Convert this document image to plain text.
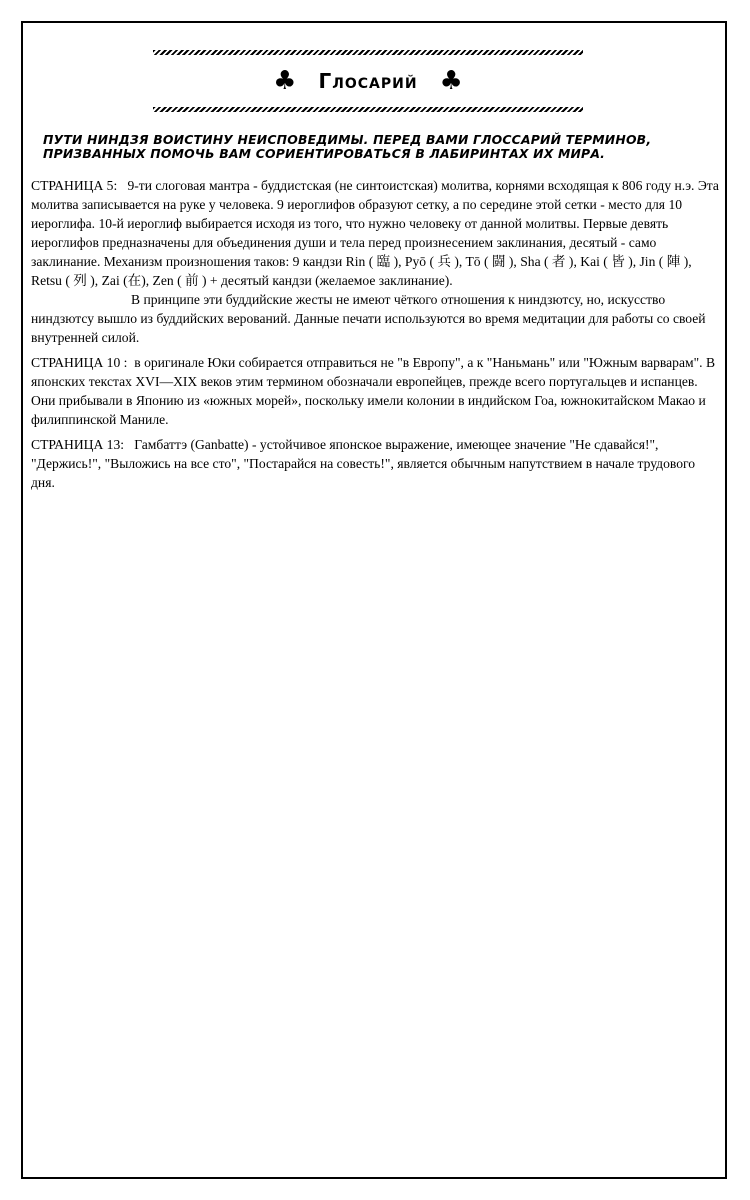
♣ Глосарий ♣
ПУТИ НИНДЗЯ ВОИСТИНУ НЕИСПОВЕДИМЫ. ПЕРЕД ВАМИ ГЛОССАРИЙ ТЕРМИНОВ, ПРИЗВАННЫХ ПОМОЧЬ ВАМ СОРИЕНТИРОВАТЬСЯ В ЛАБИРИНТАХ ИХ МИРА.

СТРАНИЦА 5: 9-ти слоговая мантра - буддистская (не синтоистская) молитва, корнями всходящая к 806 году н.э. Эта молитва записывается на руке у человека. 9 иероглифов образуют сетку, а по середине этой сетки - место для 10 иероглифа. 10-й иероглиф выбирается исходя из того, что нужно человеку от данной молитвы. Первые девять иероглифов предназначены для объединения души и тела перед произнесением заклинания, десятый - само заклинание. Механизм произношения таков: 9 кандзи Rin ( 臨 ), Pyō ( 兵 ), Tō ( 闘 ), Sha ( 者 ), Kai ( 皆 ), Jin ( 陣 ), Retsu ( 列 ), Zai (在), Zen ( 前 ) + десятый кандзи (желаемое заклинание).
В принципе эти буддийские жесты не имеют чёткого отношения к ниндзютсу, но, искусство ниндзютсу вышло из буддийских верований. Данные печати используются во время медитации для работы со своей внутренней силой.

СТРАНИЦА 10 : в оригинале Юки собирается отправиться не "в Европу", а к "Наньмань" или "Южным варварам". В японских текстах XVI—XIX веков этим термином обозначали европейцев, прежде всего португальцев и испанцев. Они прибывали в Японию из «южных морей», поскольку имели колонии в индийском Гоа, южнокитайском Макао и филиппинской Маниле.

СТРАНИЦА 13: Гамбаттэ (Ganbatte) - устойчивое японское выражение, имеющее значение "Не сдавайся!", "Держись!", "Выложись на все сто", "Постарайся на совесть!", является обычным напутствием в начале трудового дня.
